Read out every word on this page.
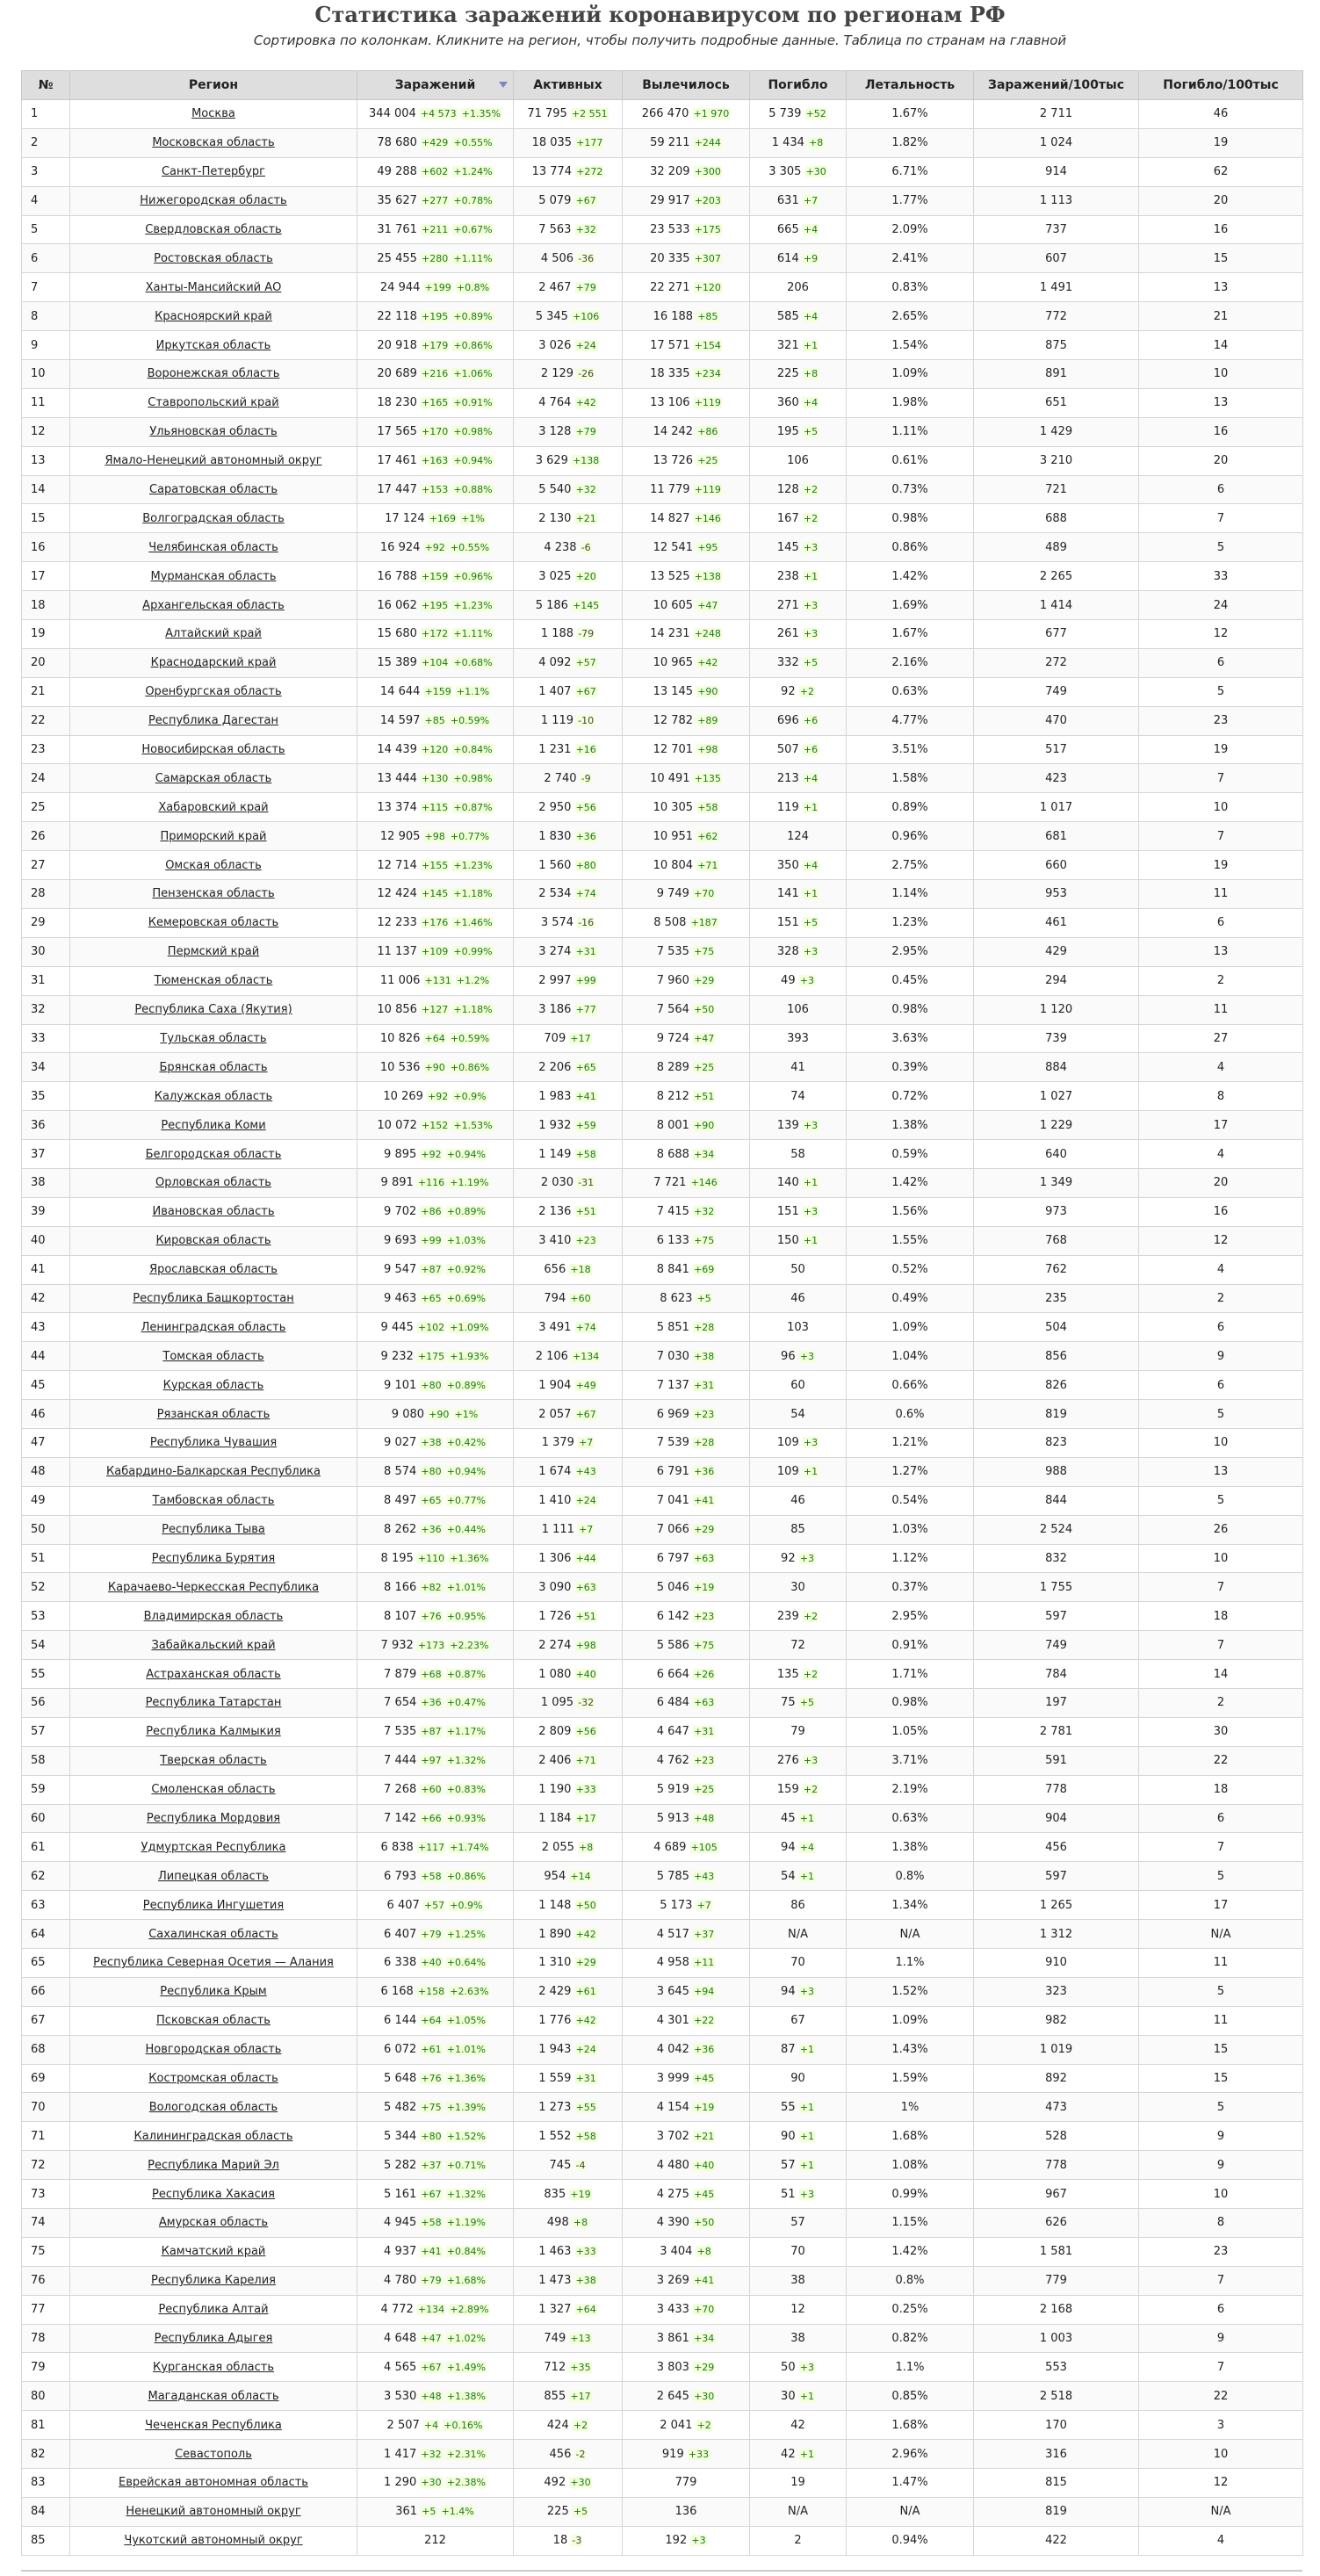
Статистика заражений коронавирусом по регионам РФ

Сортировка по колонкам. Кликните на регион, чтобы получить подробные данные. Таблица по странам на главной

№	Регион	Заражений	Активных	Вылечилось	Погибло	Летальность	Заражений/100тыс	Погибло/100тыс
1	Москва	344 004 +4 573 +1.35%	71 795 +2 551	266 470 +1 970	5 739 +52	1.67%	2 711	46
2	Московская область	78 680 +429 +0.55%	18 035 +177	59 211 +244	1 434 +8	1.82%	1 024	19
3	Санкт-Петербург	49 288 +602 +1.24%	13 774 +272	32 209 +300	3 305 +30	6.71%	914	62
4	Нижегородская область	35 627 +277 +0.78%	5 079 +67	29 917 +203	631 +7	1.77%	1 113	20
5	Свердловская область	31 761 +211 +0.67%	7 563 +32	23 533 +175	665 +4	2.09%	737	16
6	Ростовская область	25 455 +280 +1.11%	4 506 -36	20 335 +307	614 +9	2.41%	607	15
7	Ханты-Мансийский АО	24 944 +199 +0.8%	2 467 +79	22 271 +120	206	0.83%	1 491	13
8	Красноярский край	22 118 +195 +0.89%	5 345 +106	16 188 +85	585 +4	2.65%	772	21
9	Иркутская область	20 918 +179 +0.86%	3 026 +24	17 571 +154	321 +1	1.54%	875	14
10	Воронежская область	20 689 +216 +1.06%	2 129 -26	18 335 +234	225 +8	1.09%	891	10
11	Ставропольский край	18 230 +165 +0.91%	4 764 +42	13 106 +119	360 +4	1.98%	651	13
12	Ульяновская область	17 565 +170 +0.98%	3 128 +79	14 242 +86	195 +5	1.11%	1 429	16
13	Ямало-Ненецкий автономный округ	17 461 +163 +0.94%	3 629 +138	13 726 +25	106	0.61%	3 210	20
14	Саратовская область	17 447 +153 +0.88%	5 540 +32	11 779 +119	128 +2	0.73%	721	6
15	Волгоградская область	17 124 +169 +1%	2 130 +21	14 827 +146	167 +2	0.98%	688	7
16	Челябинская область	16 924 +92 +0.55%	4 238 -6	12 541 +95	145 +3	0.86%	489	5
17	Мурманская область	16 788 +159 +0.96%	3 025 +20	13 525 +138	238 +1	1.42%	2 265	33
18	Архангельская область	16 062 +195 +1.23%	5 186 +145	10 605 +47	271 +3	1.69%	1 414	24
19	Алтайский край	15 680 +172 +1.11%	1 188 -79	14 231 +248	261 +3	1.67%	677	12
20	Краснодарский край	15 389 +104 +0.68%	4 092 +57	10 965 +42	332 +5	2.16%	272	6
21	Оренбургская область	14 644 +159 +1.1%	1 407 +67	13 145 +90	92 +2	0.63%	749	5
22	Республика Дагестан	14 597 +85 +0.59%	1 119 -10	12 782 +89	696 +6	4.77%	470	23
23	Новосибирская область	14 439 +120 +0.84%	1 231 +16	12 701 +98	507 +6	3.51%	517	19
24	Самарская область	13 444 +130 +0.98%	2 740 -9	10 491 +135	213 +4	1.58%	423	7
25	Хабаровский край	13 374 +115 +0.87%	2 950 +56	10 305 +58	119 +1	0.89%	1 017	10
26	Приморский край	12 905 +98 +0.77%	1 830 +36	10 951 +62	124	0.96%	681	7
27	Омская область	12 714 +155 +1.23%	1 560 +80	10 804 +71	350 +4	2.75%	660	19
28	Пензенская область	12 424 +145 +1.18%	2 534 +74	9 749 +70	141 +1	1.14%	953	11
29	Кемеровская область	12 233 +176 +1.46%	3 574 -16	8 508 +187	151 +5	1.23%	461	6
30	Пермский край	11 137 +109 +0.99%	3 274 +31	7 535 +75	328 +3	2.95%	429	13
31	Тюменская область	11 006 +131 +1.2%	2 997 +99	7 960 +29	49 +3	0.45%	294	2
32	Республика Саха (Якутия)	10 856 +127 +1.18%	3 186 +77	7 564 +50	106	0.98%	1 120	11
33	Тульская область	10 826 +64 +0.59%	709 +17	9 724 +47	393	3.63%	739	27
34	Брянская область	10 536 +90 +0.86%	2 206 +65	8 289 +25	41	0.39%	884	4
35	Калужская область	10 269 +92 +0.9%	1 983 +41	8 212 +51	74	0.72%	1 027	8
36	Республика Коми	10 072 +152 +1.53%	1 932 +59	8 001 +90	139 +3	1.38%	1 229	17
37	Белгородская область	9 895 +92 +0.94%	1 149 +58	8 688 +34	58	0.59%	640	4
38	Орловская область	9 891 +116 +1.19%	2 030 -31	7 721 +146	140 +1	1.42%	1 349	20
39	Ивановская область	9 702 +86 +0.89%	2 136 +51	7 415 +32	151 +3	1.56%	973	16
40	Кировская область	9 693 +99 +1.03%	3 410 +23	6 133 +75	150 +1	1.55%	768	12
41	Ярославская область	9 547 +87 +0.92%	656 +18	8 841 +69	50	0.52%	762	4
42	Республика Башкортостан	9 463 +65 +0.69%	794 +60	8 623 +5	46	0.49%	235	2
43	Ленинградская область	9 445 +102 +1.09%	3 491 +74	5 851 +28	103	1.09%	504	6
44	Томская область	9 232 +175 +1.93%	2 106 +134	7 030 +38	96 +3	1.04%	856	9
45	Курская область	9 101 +80 +0.89%	1 904 +49	7 137 +31	60	0.66%	826	6
46	Рязанская область	9 080 +90 +1%	2 057 +67	6 969 +23	54	0.6%	819	5
47	Республика Чувашия	9 027 +38 +0.42%	1 379 +7	7 539 +28	109 +3	1.21%	823	10
48	Кабардино-Балкарская Республика	8 574 +80 +0.94%	1 674 +43	6 791 +36	109 +1	1.27%	988	13
49	Тамбовская область	8 497 +65 +0.77%	1 410 +24	7 041 +41	46	0.54%	844	5
50	Республика Тыва	8 262 +36 +0.44%	1 111 +7	7 066 +29	85	1.03%	2 524	26
51	Республика Бурятия	8 195 +110 +1.36%	1 306 +44	6 797 +63	92 +3	1.12%	832	10
52	Карачаево-Черкесская Республика	8 166 +82 +1.01%	3 090 +63	5 046 +19	30	0.37%	1 755	7
53	Владимирская область	8 107 +76 +0.95%	1 726 +51	6 142 +23	239 +2	2.95%	597	18
54	Забайкальский край	7 932 +173 +2.23%	2 274 +98	5 586 +75	72	0.91%	749	7
55	Астраханская область	7 879 +68 +0.87%	1 080 +40	6 664 +26	135 +2	1.71%	784	14
56	Республика Татарстан	7 654 +36 +0.47%	1 095 -32	6 484 +63	75 +5	0.98%	197	2
57	Республика Калмыкия	7 535 +87 +1.17%	2 809 +56	4 647 +31	79	1.05%	2 781	30
58	Тверская область	7 444 +97 +1.32%	2 406 +71	4 762 +23	276 +3	3.71%	591	22
59	Смоленская область	7 268 +60 +0.83%	1 190 +33	5 919 +25	159 +2	2.19%	778	18
60	Республика Мордовия	7 142 +66 +0.93%	1 184 +17	5 913 +48	45 +1	0.63%	904	6
61	Удмуртская Республика	6 838 +117 +1.74%	2 055 +8	4 689 +105	94 +4	1.38%	456	7
62	Липецкая область	6 793 +58 +0.86%	954 +14	5 785 +43	54 +1	0.8%	597	5
63	Республика Ингушетия	6 407 +57 +0.9%	1 148 +50	5 173 +7	86	1.34%	1 265	17
64	Сахалинская область	6 407 +79 +1.25%	1 890 +42	4 517 +37	N/A	N/A	1 312	N/A
65	Республика Северная Осетия — Алания	6 338 +40 +0.64%	1 310 +29	4 958 +11	70	1.1%	910	11
66	Республика Крым	6 168 +158 +2.63%	2 429 +61	3 645 +94	94 +3	1.52%	323	5
67	Псковская область	6 144 +64 +1.05%	1 776 +42	4 301 +22	67	1.09%	982	11
68	Новгородская область	6 072 +61 +1.01%	1 943 +24	4 042 +36	87 +1	1.43%	1 019	15
69	Костромская область	5 648 +76 +1.36%	1 559 +31	3 999 +45	90	1.59%	892	15
70	Вологодская область	5 482 +75 +1.39%	1 273 +55	4 154 +19	55 +1	1%	473	5
71	Калининградская область	5 344 +80 +1.52%	1 552 +58	3 702 +21	90 +1	1.68%	528	9
72	Республика Марий Эл	5 282 +37 +0.71%	745 -4	4 480 +40	57 +1	1.08%	778	9
73	Республика Хакасия	5 161 +67 +1.32%	835 +19	4 275 +45	51 +3	0.99%	967	10
74	Амурская область	4 945 +58 +1.19%	498 +8	4 390 +50	57	1.15%	626	8
75	Камчатский край	4 937 +41 +0.84%	1 463 +33	3 404 +8	70	1.42%	1 581	23
76	Республика Карелия	4 780 +79 +1.68%	1 473 +38	3 269 +41	38	0.8%	779	7
77	Республика Алтай	4 772 +134 +2.89%	1 327 +64	3 433 +70	12	0.25%	2 168	6
78	Республика Адыгея	4 648 +47 +1.02%	749 +13	3 861 +34	38	0.82%	1 003	9
79	Курганская область	4 565 +67 +1.49%	712 +35	3 803 +29	50 +3	1.1%	553	7
80	Магаданская область	3 530 +48 +1.38%	855 +17	2 645 +30	30 +1	0.85%	2 518	22
81	Чеченская Республика	2 507 +4 +0.16%	424 +2	2 041 +2	42	1.68%	170	3
82	Севастополь	1 417 +32 +2.31%	456 -2	919 +33	42 +1	2.96%	316	10
83	Еврейская автономная область	1 290 +30 +2.38%	492 +30	779	19	1.47%	815	12
84	Ненецкий автономный округ	361 +5 +1.4%	225 +5	136	N/A	N/A	819	N/A
85	Чукотский автономный округ	212	18 -3	192 +3	2	0.94%	422	4
